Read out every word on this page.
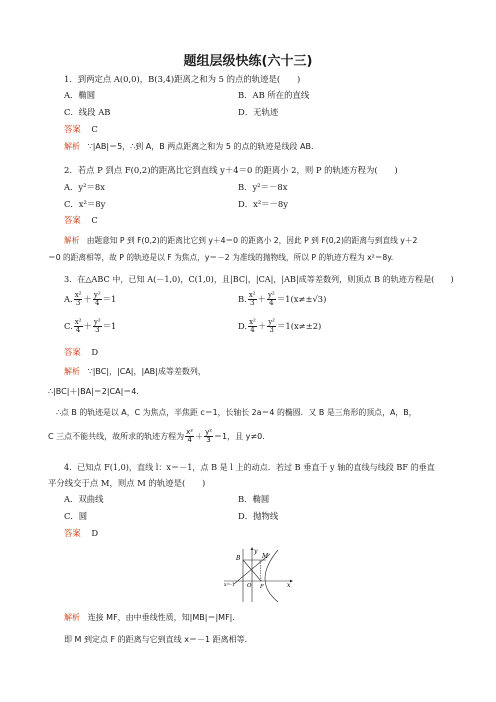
题组层级快练(六十三)
1．到两定点 A(0,0)，B(3,4)距离之和为 5 的点的轨迹是(　　)
A．椭圆	B．AB 所在的直线
C．线段 AB	D．无轨迹
答案 C
解析 ∵|AB|＝5，∴到 A，B 两点距离之和为 5 的点的轨迹是线段 AB.
2．若点 P 到点 F(0,2)的距离比它到直线 y＋4＝0 的距离小 2，则 P 的轨迹方程为(　　)
A．y²＝8x	B．y²＝－8x
C．x²＝8y	D．x²＝－8y
答案 C
解析 由题意知 P 到 F(0,2)的距离比它到 y＋4＝0 的距离小 2，因此 P 到 F(0,2)的距离与到直线 y＋2
＝0 的距离相等，故 P 的轨迹是以 F 为焦点，y＝－2 为准线的抛物线，所以 P 的轨迹方程为 x²＝8y.
3．在△ABC 中，已知 A(－1,0)，C(1,0)，且|BC|，|CA|，|AB|成等差数列，则顶点 B 的轨迹方程是(　　)
A. $\frac{\text{x²}}{3} + \frac{\text{y²}}{4} =1$	B. $\frac{\text{x²}}{3} + \frac{\text{y²}}{4} =1(x\ne\pm√3)$
C. $\frac{\text{x²}}{4} + \frac{\text{y²}}{3} =1$	D. $\frac{\text{x²}}{4} + \frac{\text{y²}}{3} =1(x\ne\pm 2)$
答案 D
解析 ∵|BC|，|CA|，|AB|成等差数列，
∴|BC|＋|BA|＝2|CA|＝4.
∴点 B 的轨迹是以 A，C 为焦点，半焦距 c＝1，长轴长 2a＝4 的椭圆．又 B 是三角形的顶点，A，B，
C 三点不能共线，故所求的轨迹方程为 $\frac{\text{x²}}{4} + \frac{\text{y²}}{3} =1$，且 y≠0.
4．已知点 F(1,0)，直线 l：x＝－1，点 B 是 l 上的动点．若过 B 垂直于 y 轴的直线与线段 BF 的垂直
平分线交于点 M，则点 M 的轨迹是(　　)
A．双曲线	B．椭圆
C．圆	D．抛物线
答案 D
B	M
y
O F	x
x=-1
解析 连接 MF，由中垂线性质，知|MB|＝|MF|.
即 M 到定点 F 的距离与它到直线 x＝－1 距离相等．
